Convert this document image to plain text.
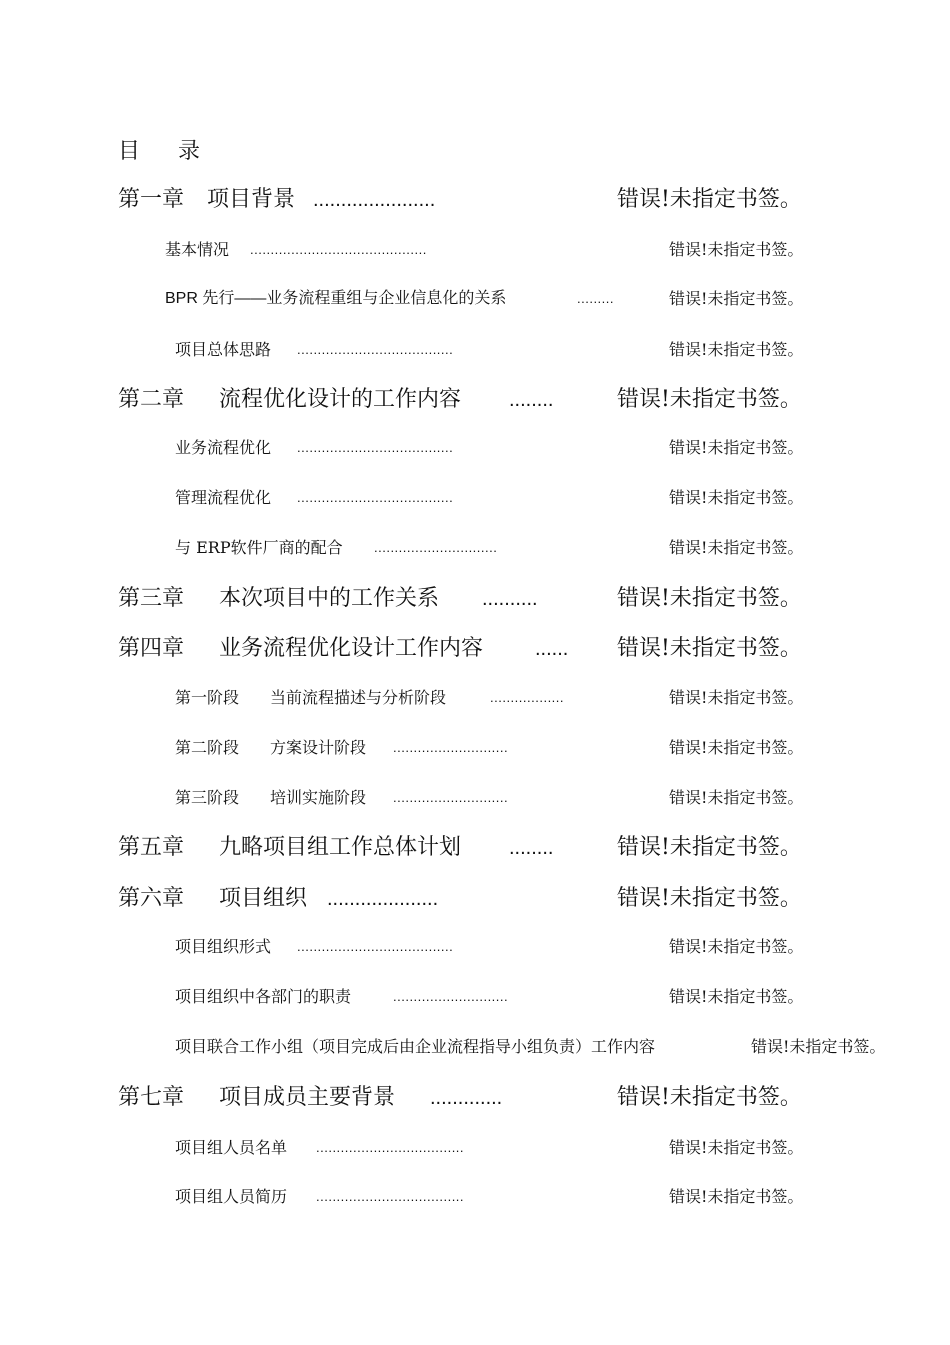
目录
第一章 项目背景 ......................	错误!未指定书签。
基本情况 ...........................................	错误!未指定书签。
BPR 先行——业务流程重组与企业信息化的关系	.........	错误!未指定书签。
项目总体思路 ......................................	错误!未指定书签。
第二章 流程优化设计的工作内容 ........	错误!未指定书签。
业务流程优化 ......................................	错误!未指定书签。
管理流程优化 ......................................	错误!未指定书签。
与 ERP软件厂商的配合 ..............................	错误!未指定书签。
第三章 本次项目中的工作关系 ..........	错误!未指定书签。
第四章 业务流程优化设计工作内容	...... 错误!未指定书签。
第一阶段 当前流程描述与分析阶段	..................	错误!未指定书签。
第二阶段 方案设计阶段 ............................	错误!未指定书签。
第三阶段 培训实施阶段 ............................	错误!未指定书签。
第五章 九略项目组工作总体计划 ........	错误!未指定书签。
第六章 项目组织 ....................	错误!未指定书签。
项目组织形式 ......................................	错误!未指定书签。
项目组织中各部门的职责	............................	错误!未指定书签。
项目联合工作小组（项目完成后由企业流程指导小组负责）工作内容	错误!未指定书签。
第七章 项目成员主要背景 .............	错误!未指定书签。
项目组人员名单 ....................................	错误!未指定书签。
项目组人员简历 ....................................	错误!未指定书签。
